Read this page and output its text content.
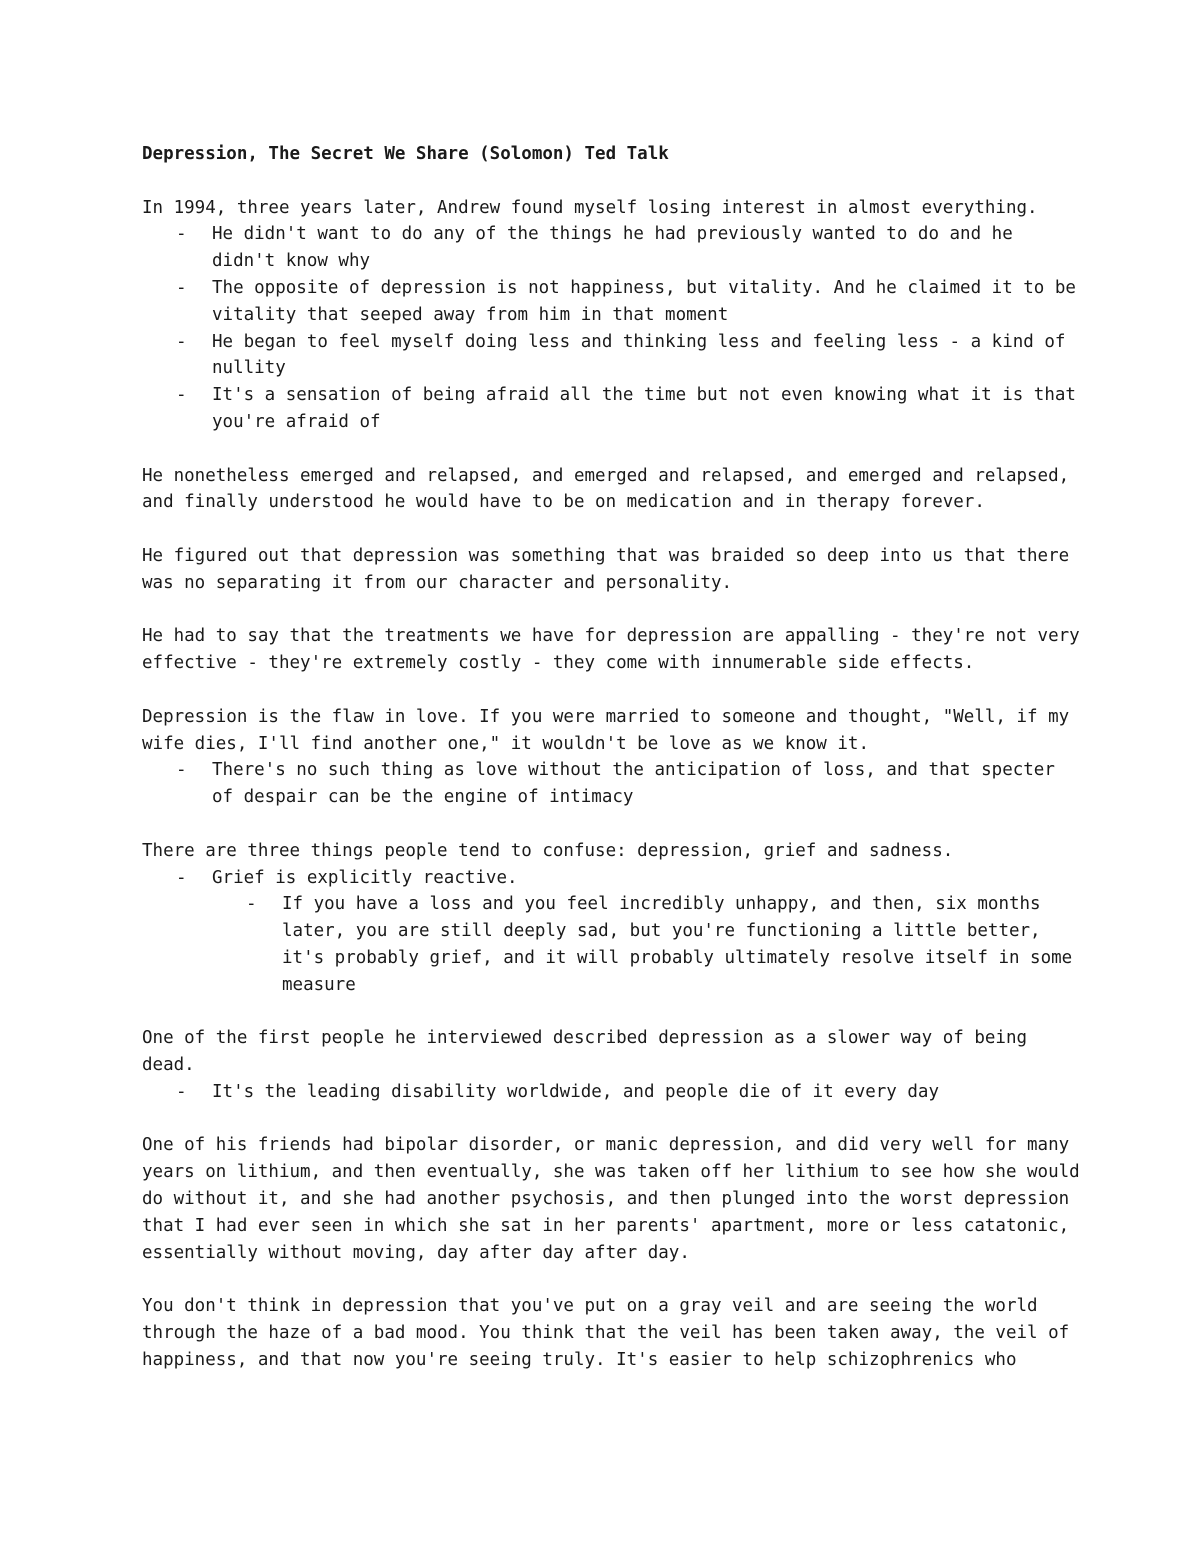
Depression, The Secret We Share (Solomon) Ted Talk
In 1994, three years later, Andrew found myself losing interest in almost everything.
- He didn't want to do any of the things he had previously wanted to do and he didn't know why
- The opposite of depression is not happiness, but vitality. And he claimed it to be vitality that seeped away from him in that moment
- He began to feel myself doing less and thinking less and feeling less - a kind of nullity
- It's a sensation of being afraid all the time but not even knowing what it is that you're afraid of
He nonetheless emerged and relapsed, and emerged and relapsed, and emerged and relapsed, and finally understood he would have to be on medication and in therapy forever.
He figured out that depression was something that was braided so deep into us that there was no separating it from our character and personality.
He had to say that the treatments we have for depression are appalling - they're not very effective - they're extremely costly - they come with innumerable side effects.
Depression is the flaw in love. If you were married to someone and thought, "Well, if my wife dies, I'll find another one," it wouldn't be love as we know it.
- There's no such thing as love without the anticipation of loss, and that specter of despair can be the engine of intimacy
There are three things people tend to confuse: depression, grief and sadness.
- Grief is explicitly reactive.
- If you have a loss and you feel incredibly unhappy, and then, six months later, you are still deeply sad, but you're functioning a little better, it's probably grief, and it will probably ultimately resolve itself in some measure
One of the first people he interviewed described depression as a slower way of being dead.
- It's the leading disability worldwide, and people die of it every day
One of his friends had bipolar disorder, or manic depression, and did very well for many years on lithium, and then eventually, she was taken off her lithium to see how she would do without it, and she had another psychosis, and then plunged into the worst depression that I had ever seen in which she sat in her parents' apartment, more or less catatonic, essentially without moving, day after day after day.
You don't think in depression that you've put on a gray veil and are seeing the world through the haze of a bad mood. You think that the veil has been taken away, the veil of happiness, and that now you're seeing truly. It's easier to help schizophrenics who
